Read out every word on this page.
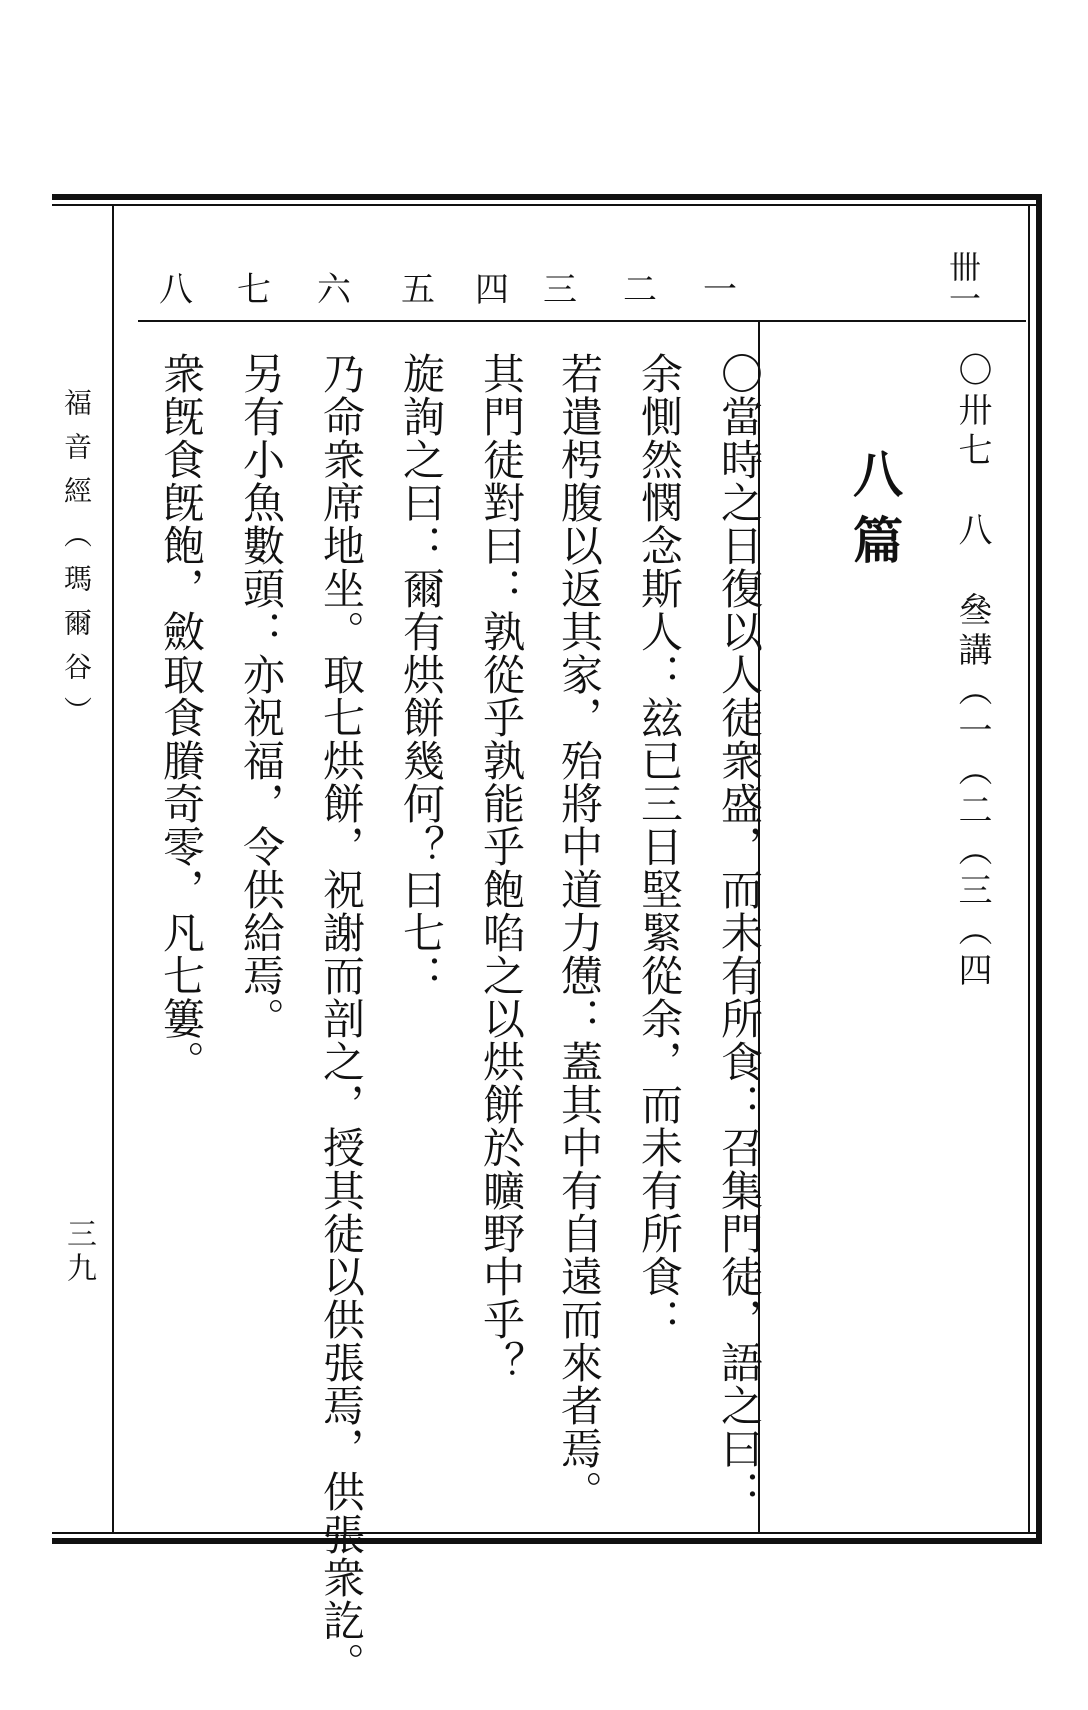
卌一
一
二
三
四
五
六
七
八
〇卅七　八　叄講（一（二（三（四
八篇
〇當時之日復以人徒衆盛，而未有所食：召集門徒，語之曰：
余惻然憫念斯人：玆已三日堅緊從余，而未有所食：
若遣枵腹以返其家，殆將中道力憊：蓋其中有自遠而來者焉。
其門徒對曰：孰從乎孰能乎飽啗之以烘餅於曠野中乎？
旋詢之曰：爾有烘餅幾何？曰七：
乃命衆席地坐。取七烘餅，祝謝而剖之，授其徒以供張焉，供張衆訖。
另有小魚數頭：亦祝福，令供給焉。
衆旣食旣飽，斂取食賸奇零，凡七簍。
福音經（瑪爾谷）
三九
